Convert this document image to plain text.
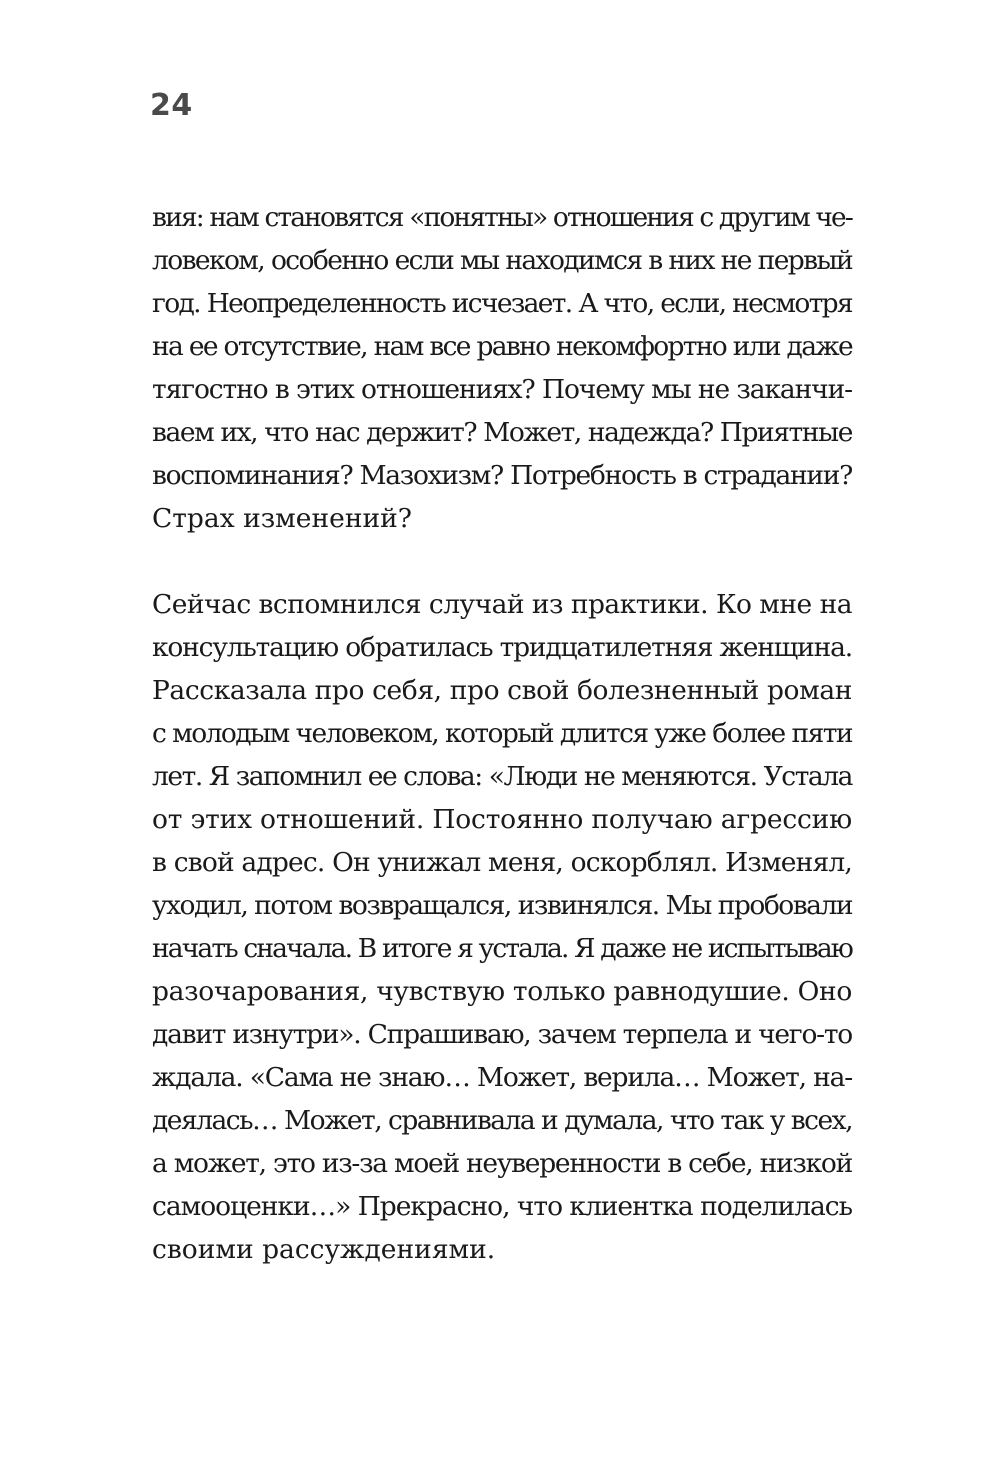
24
вия: нам становятся «понятны» отношения с другим че-
ловеком, особенно если мы находимся в них не первый
год. Неопределенность исчезает. А что, если, несмотря
на ее отсутствие, нам все равно некомфортно или даже
тягостно в этих отношениях? Почему мы не заканчи-
ваем их, что нас держит? Может, надежда? Приятные
воспоминания? Мазохизм? Потребность в страдании?
Страх изменений?
Сейчас вспомнился случай из практики. Ко мне на
консультацию обратилась тридцатилетняя женщина.
Рассказала про себя, про свой болезненный роман
с молодым человеком, который длится уже более пяти
лет. Я запомнил ее слова: «Люди не меняются. Устала
от этих отношений. Постоянно получаю агрессию
в свой адрес. Он унижал меня, оскорблял. Изменял,
уходил, потом возвращался, извинялся. Мы пробовали
начать сначала. В итоге я устала. Я даже не испытываю
разочарования, чувствую только равнодушие. Оно
давит изнутри». Спрашиваю, зачем терпела и чего-то
ждала. «Сама не знаю… Может, верила… Может, на-
деялась… Может, сравнивала и думала, что так у всех,
а может, это из-за моей неуверенности в себе, низкой
самооценки…» Прекрасно, что клиентка поделилась
своими рассуждениями.
